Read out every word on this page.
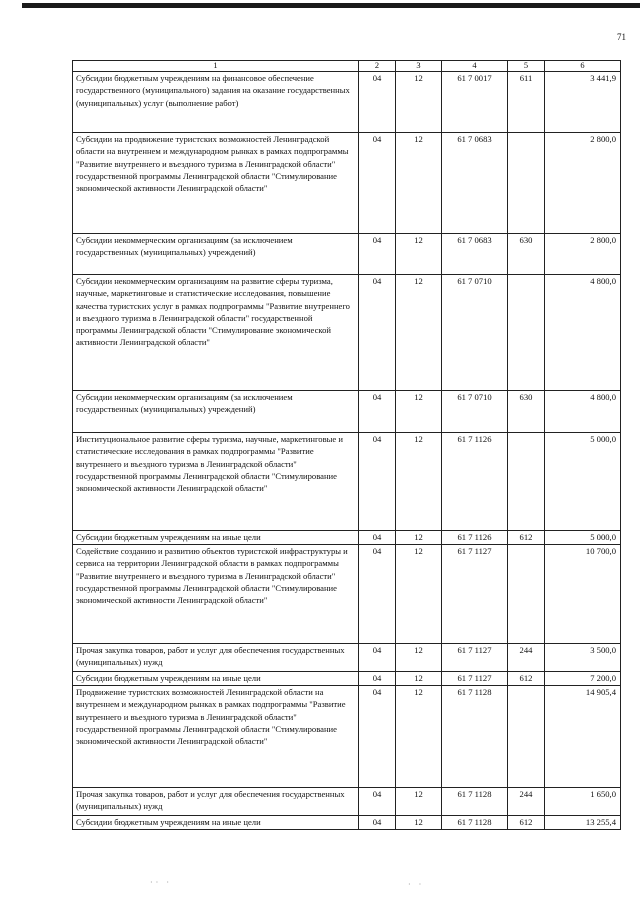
71
1	2	3	4	5	6
Субсидии бюджетным учреждениям на финансовое обеспечение государственного (муниципального) задания на оказание государственных (муниципальных) услуг (выполнение работ)	04	12	61 7 0017	611	3 441,9
Субсидии на продвижение туристских возможностей Ленинградской области на внутреннем и международном рынках в рамках подпрограммы "Развитие внутреннего и въездного туризма в Ленинградской области" государственной программы Ленинградской области "Стимулирование экономической активности Ленинградской области"	04	12	61 7 0683		2 800,0
Субсидии некоммерческим организациям (за исключением государственных (муниципальных) учреждений)	04	12	61 7 0683	630	2 800,0
Субсидии некоммерческим организациям на развитие сферы туризма, научные, маркетинговые и статистические исследования, повышение качества туристских услуг в рамках подпрограммы "Развитие внутреннего и въездного туризма в Ленинградской области" государственной программы Ленинградской области "Стимулирование экономической активности Ленинградской области"	04	12	61 7 0710		4 800,0
Субсидии некоммерческим организациям (за исключением государственных (муниципальных) учреждений)	04	12	61 7 0710	630	4 800,0
Институциональное развитие сферы туризма, научные, маркетинговые и статистические исследования в рамках подпрограммы "Развитие внутреннего и въездного туризма в Ленинградской области" государственной программы Ленинградской области "Стимулирование экономической активности Ленинградской области"	04	12	61 7 1126		5 000,0
Субсидии бюджетным учреждениям на иные цели	04	12	61 7 1126	612	5 000,0
Содействие созданию и развитию объектов туристской инфраструктуры и сервиса на территории Ленинградской области в рамках подпрограммы "Развитие внутреннего и въездного туризма в Ленинградской области" государственной программы Ленинградской области "Стимулирование экономической активности Ленинградской области"	04	12	61 7 1127		10 700,0
Прочая закупка товаров, работ и услуг для обеспечения государственных (муниципальных) нужд	04	12	61 7 1127	244	3 500,0
Субсидии бюджетным учреждениям на иные цели	04	12	61 7 1127	612	7 200,0
Продвижение туристских возможностей Ленинградской области на внутреннем и международном рынках в рамках подпрограммы "Развитие внутреннего и въездного туризма в Ленинградской области" государственной программы Ленинградской области "Стимулирование экономической активности Ленинградской области"	04	12	61 7 1128		14 905,4
Прочая закупка товаров, работ и услуг для обеспечения государственных (муниципальных) нужд	04	12	61 7 1128	244	1 650,0
Субсидии бюджетным учреждениям на иные цели	04	12	61 7 1128	612	13 255,4
·· ·	· ·
